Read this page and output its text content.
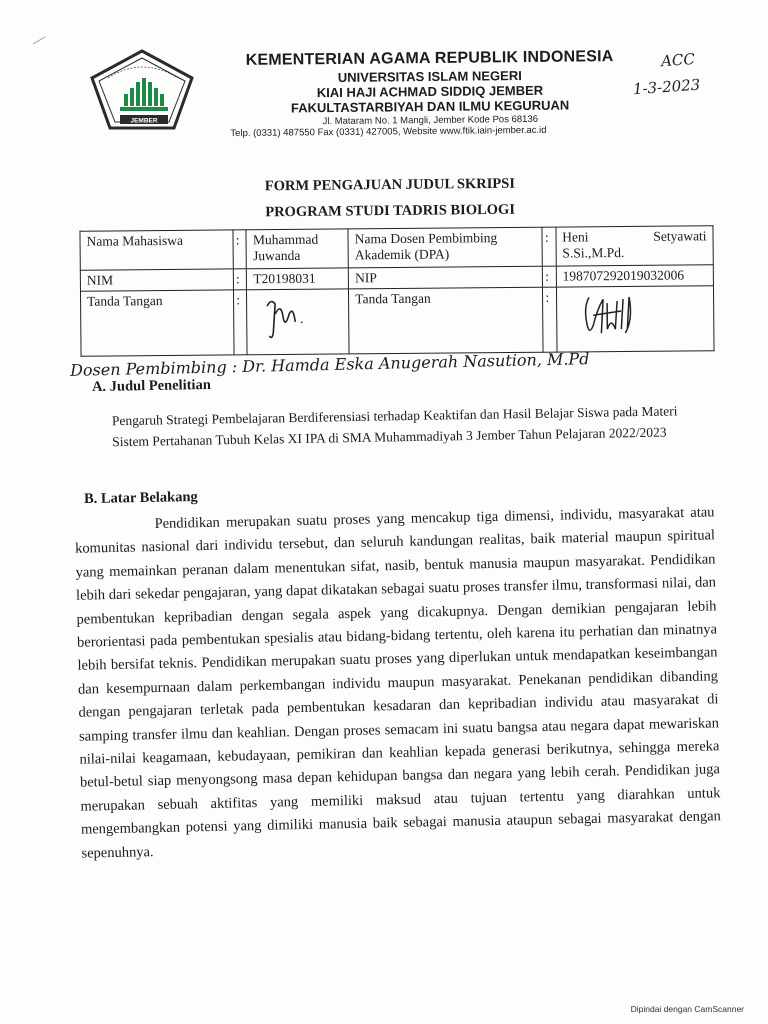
JEMBER
KEMENTERIAN AGAMA REPUBLIK INDONESIA
UNIVERSITAS ISLAM NEGERI
KIAI HAJI ACHMAD SIDDIQ JEMBER
FAKULTASTARBIYAH DAN ILMU KEGURUAN
Jl. Mataram No. 1 Mangli, Jember Kode Pos 68136
Telp. (0331) 487550 Fax (0331) 427005, Website www.ftik.iain-jember.ac.id
ACC
1-3-2023
FORM PENGAJUAN JUDUL SKRIPSI
PROGRAM STUDI TADRIS BIOLOGI
Nama Mahasiswa	:	Muhammad Juwanda	Nama Dosen Pembimbing Akademik (DPA)	:	Heni Setyawati S.Si.,M.Pd.
NIM	:	T20198031	NIP	:	198707292019032006
Tanda Tangan	:		Tanda Tangan	:	
Dosen Pembimbing : Dr. Hamda Eska Anugerah Nasution, M.Pd
A. Judul Penelitian
Pengaruh Strategi Pembelajaran Berdiferensiasi terhadap Keaktifan dan Hasil Belajar Siswa pada Materi Sistem Pertahanan Tubuh Kelas XI IPA di SMA Muhammadiyah 3 Jember Tahun Pelajaran 2022/2023
B. Latar Belakang

Pendidikan merupakan suatu proses yang mencakup tiga dimensi, individu, masyarakat atau komunitas nasional dari individu tersebut, dan seluruh kandungan realitas, baik material maupun spiritual yang memainkan peranan dalam menentukan sifat, nasib, bentuk manusia maupun masyarakat. Pendidikan lebih dari sekedar pengajaran, yang dapat dikatakan sebagai suatu proses transfer ilmu, transformasi nilai, dan pembentukan kepribadian dengan segala aspek yang dicakupnya. Dengan demikian pengajaran lebih berorientasi pada pembentukan spesialis atau bidang-bidang tertentu, oleh karena itu perhatian dan minatnya lebih bersifat teknis. Pendidikan merupakan suatu proses yang diperlukan untuk mendapatkan keseimbangan dan kesempurnaan dalam perkembangan individu maupun masyarakat. Penekanan pendidikan dibanding dengan pengajaran terletak pada pembentukan kesadaran dan kepribadian individu atau masyarakat di samping transfer ilmu dan keahlian. Dengan proses semacam ini suatu bangsa atau negara dapat mewariskan nilai-nilai keagamaan, kebudayaan, pemikiran dan keahlian kepada generasi berikutnya, sehingga mereka betul-betul siap menyongsong masa depan kehidupan bangsa dan negara yang lebih cerah. Pendidikan juga merupakan sebuah aktifitas yang memiliki maksud atau tujuan tertentu yang diarahkan untuk mengembangkan potensi yang dimiliki manusia baik sebagai manusia ataupun sebagai masyarakat dengan sepenuhnya.

Dipindai dengan CamScanner
